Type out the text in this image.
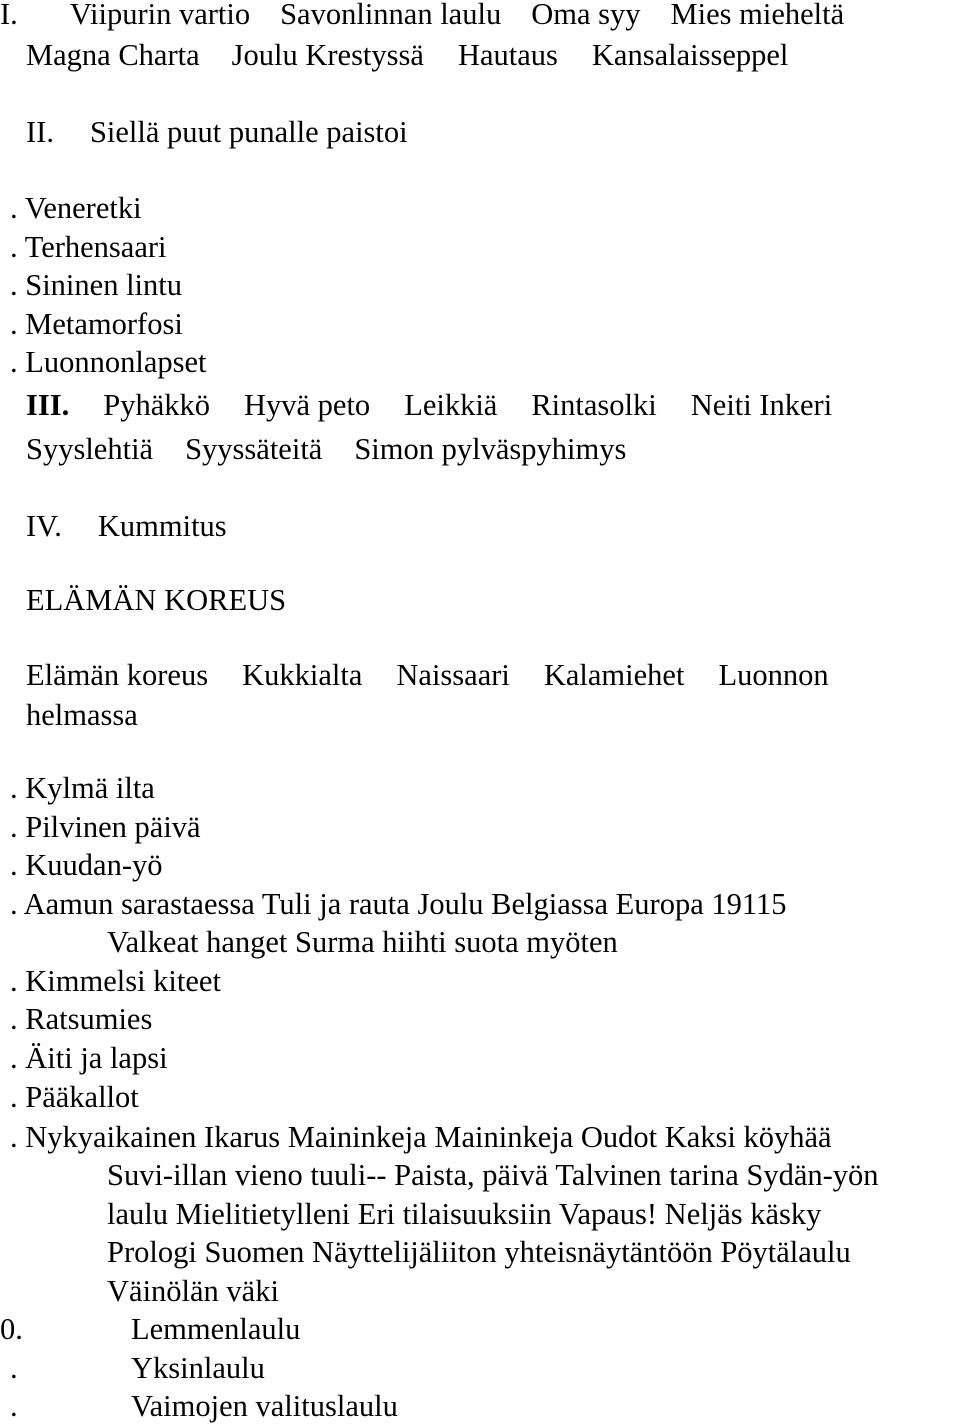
I. Viipurin vartio Savonlinnan laulu Oma syy Mies mieheltä
Magna Charta Joulu Krestyssä Hautaus Kansalaisseppel
II. Siellä puut punalle paistoi
. Veneretki
. Terhensaari
. Sininen lintu
. Metamorfosi
. Luonnonlapset
III. Pyhäkkö Hyvä peto Leikkiä Rintasolki Neiti Inkeri
Syyslehtiä Syyssäteitä Simon pylväspyhimys
IV. Kummitus
ELÄMÄN KOREUS
Elämän koreus Kukkialta Naissaari Kalamiehet Luonnon
helmassa
. Kylmä ilta
. Pilvinen päivä
. Kuudan-yö
. Aamun sarastaessa Tuli ja rauta Joulu Belgiassa Europa 19115
Valkeat hanget Surma hiihti suota myöten
. Kimmelsi kiteet
. Ratsumies
. Äiti ja lapsi
. Pääkallot
. Nykyaikainen Ikarus Maininkeja Maininkeja Oudot Kaksi köyhää
Suvi-illan vieno tuuli-- Paista, päivä Talvinen tarina Sydän-yön
laulu Mielitietylleni Eri tilaisuuksiin Vapaus! Neljäs käsky
Prologi Suomen Näyttelijäliiton yhteisnäytäntöön Pöytälaulu
Väinölän väki
0.	Lemmenlaulu
.	Yksinlaulu
.	Vaimojen valituslaulu
